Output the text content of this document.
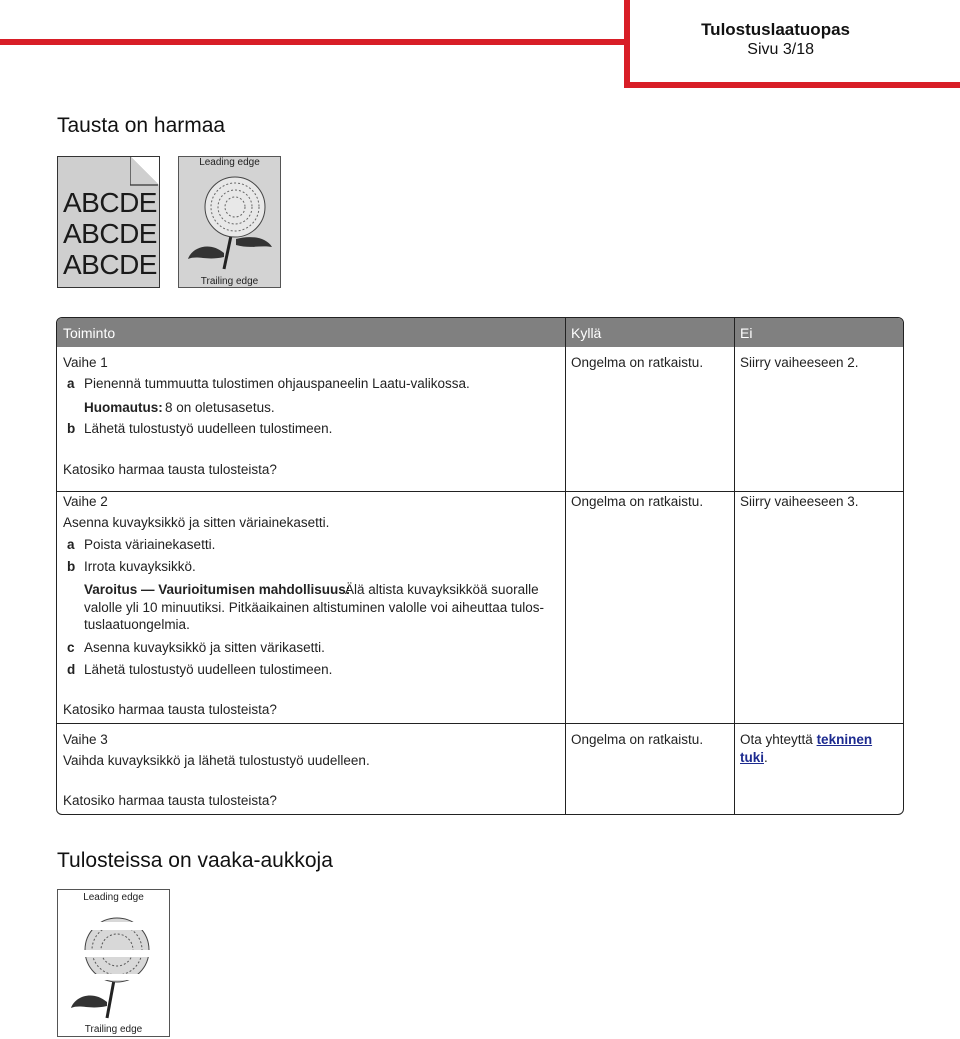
Tulostuslaatuopas
Sivu 3/18
Tausta on harmaa
ABCDE
ABCDE
ABCDE
Leading edge
Trailing edge
Toiminto	Kyllä	Ei
Vaihe 1
a Pienennä tummuutta tulostimen ohjauspaneelin Laatu-valikossa.
Huomautus: 8 on oletusasetus.
b Lähetä tulostustyö uudelleen tulostimeen.
Katosiko harmaa tausta tulosteista?
Ongelma on ratkaistu.	Siirry vaiheeseen 2.
Vaihe 2
Asenna kuvayksikkö ja sitten väriainekasetti.
a Poista väriainekasetti.
b Irrota kuvayksikkö.
Varoitus — Vaurioitumisen mahdollisuus:
Älä altista kuvayksikköä suoralle
valolle yli 10 minuutiksi. Pitkäaikainen altistuminen valolle voi aiheuttaa tulos-
tuslaatuongelmia.
c Asenna kuvayksikkö ja sitten värikasetti.
d Lähetä tulostustyö uudelleen tulostimeen.
Katosiko harmaa tausta tulosteista?
Ongelma on ratkaistu.	Siirry vaiheeseen 3.
Vaihe 3
Vaihda kuvayksikkö ja lähetä tulostustyö uudelleen.
Katosiko harmaa tausta tulosteista?
Ongelma on ratkaistu.	Ota yhteyttä tekninen
tuki.
Tulosteissa on vaaka-aukkoja
Leading edge
Trailing edge
